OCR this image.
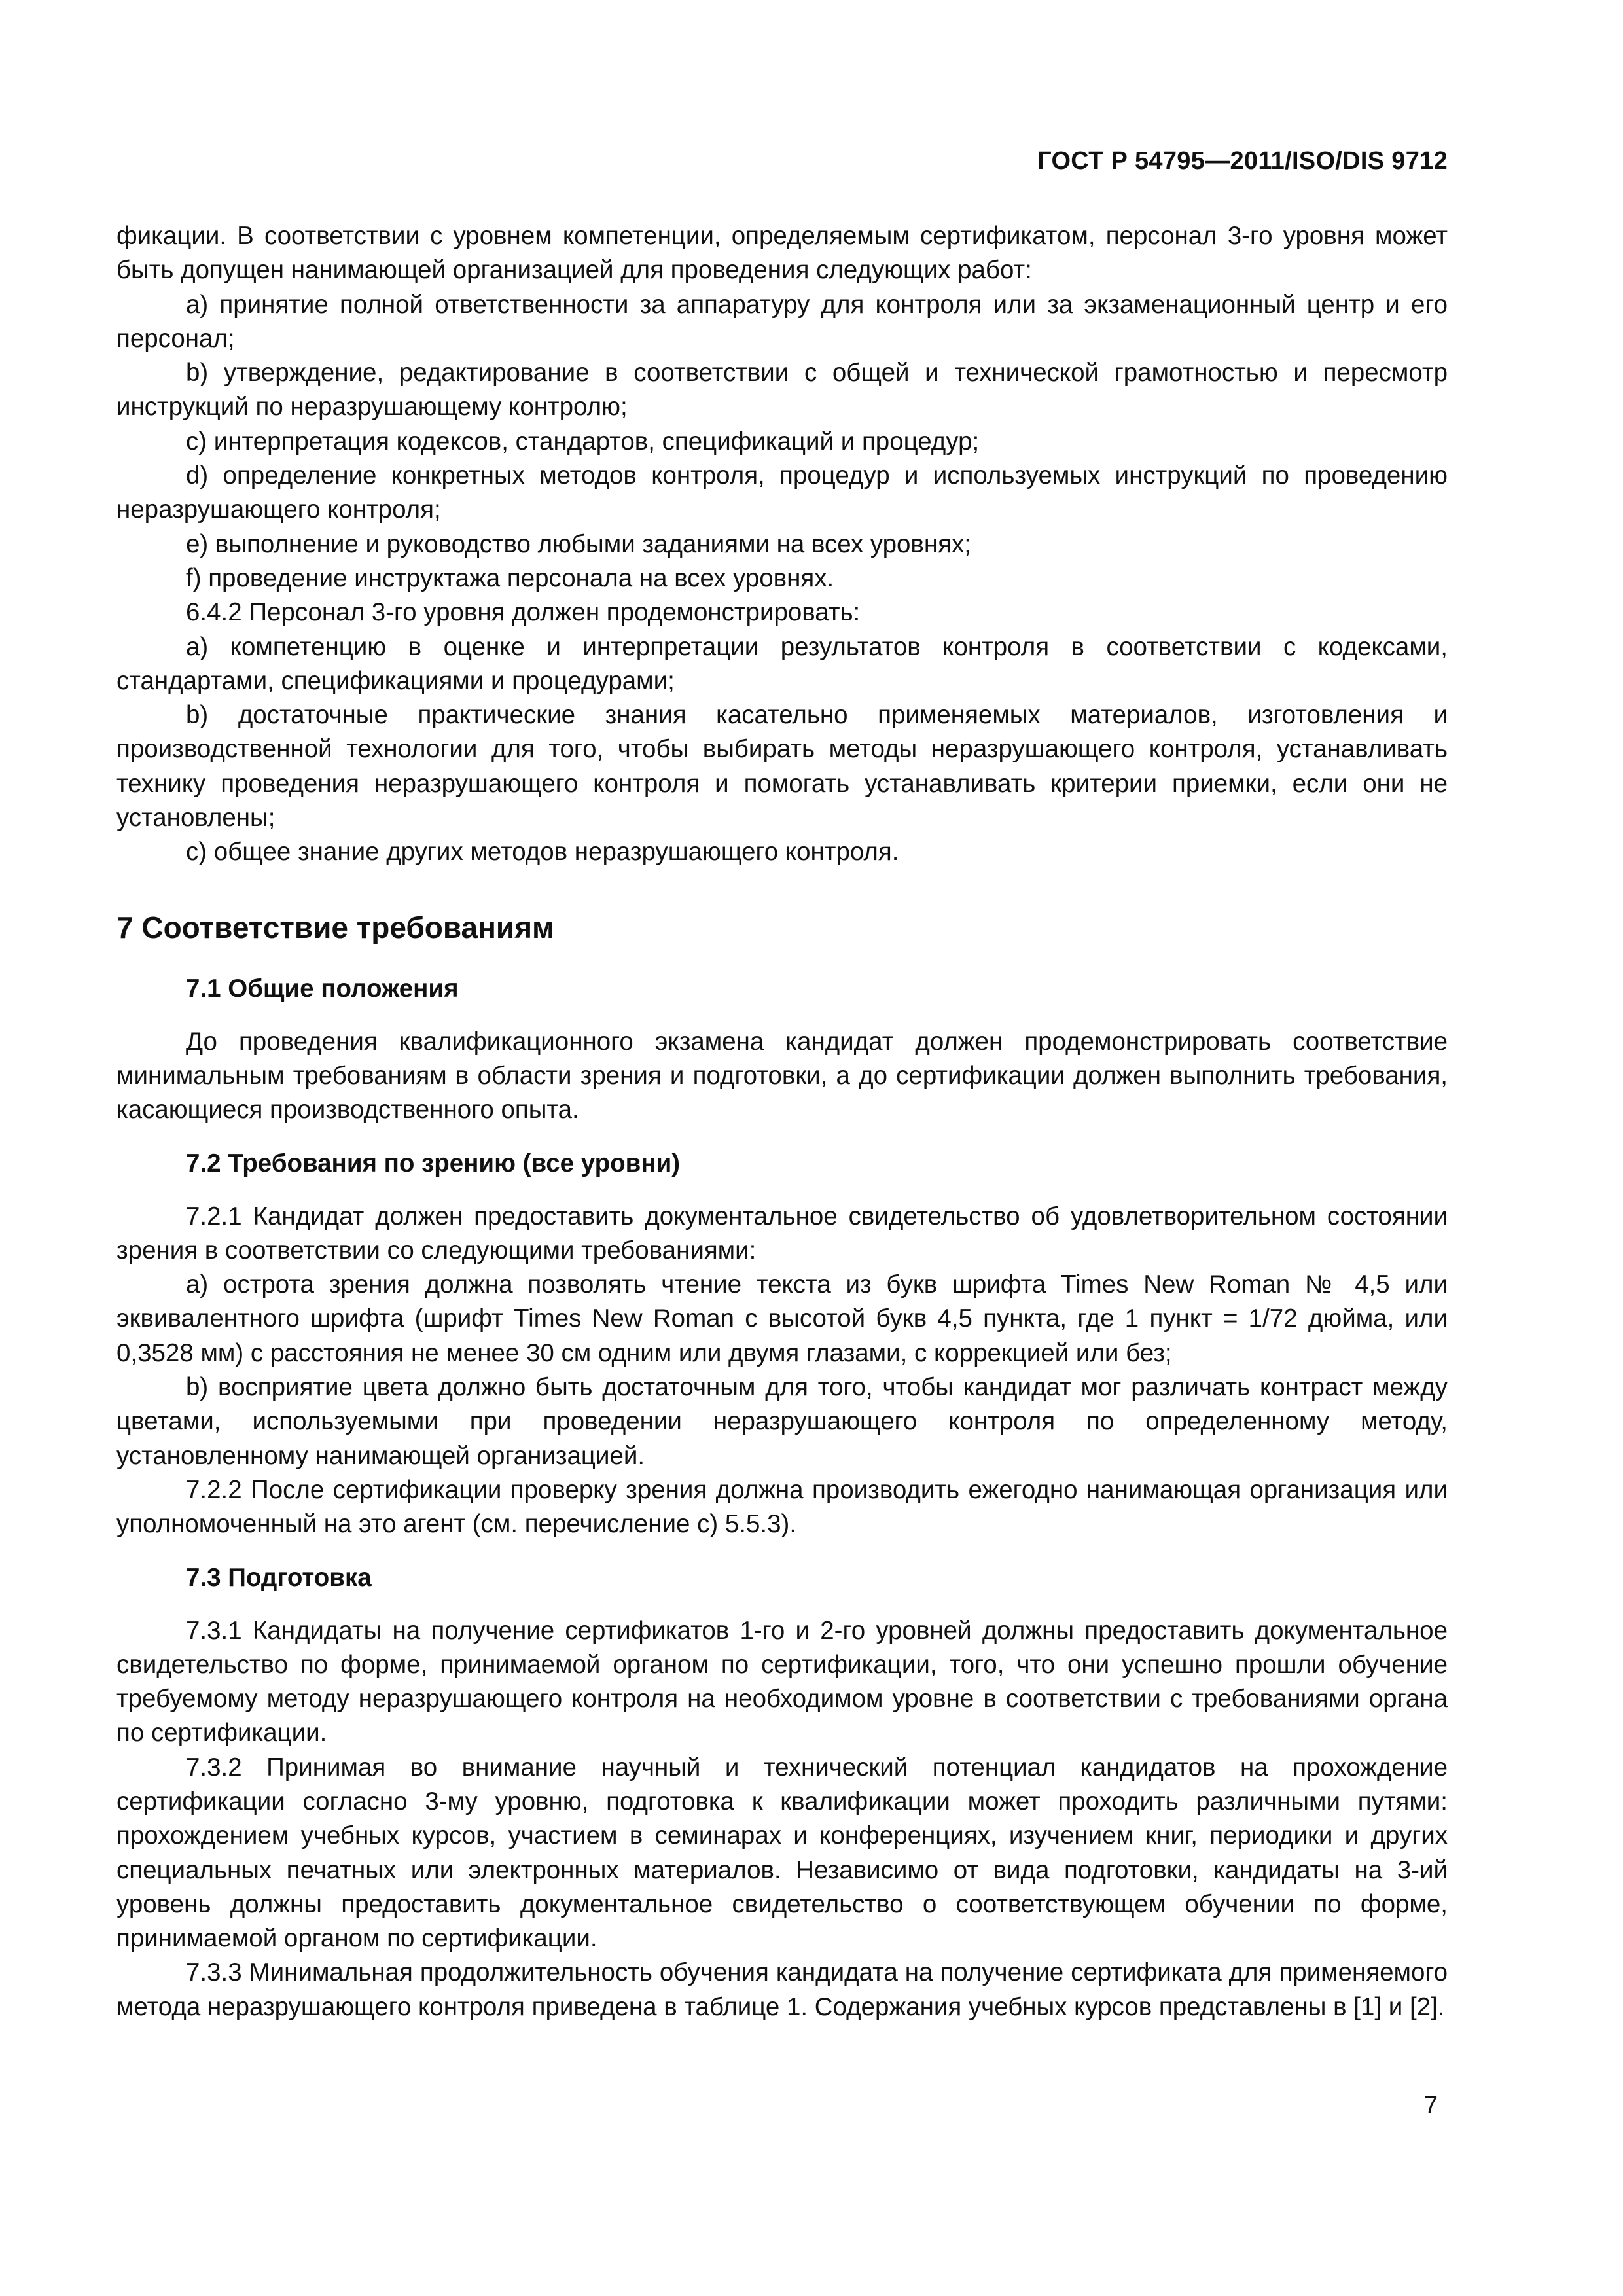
ГОСТ Р 54795—2011/ISO/DIS 9712

фикации. В соответствии с уровнем компетенции, определяемым сертификатом, персонал 3-го уровня может быть допущен нанимающей организацией для проведения следующих работ:

a) принятие полной ответственности за аппаратуру для контроля или за экзаменационный центр и его персонал;

b) утверждение, редактирование в соответствии с общей и технической грамотностью и пересмотр инструкций по неразрушающему контролю;

c) интерпретация кодексов, стандартов, спецификаций и процедур;

d) определение конкретных методов контроля, процедур и используемых инструкций по проведению неразрушающего контроля;

e) выполнение и руководство любыми заданиями на всех уровнях;

f) проведение инструктажа персонала на всех уровнях.

6.4.2 Персонал 3-го уровня должен продемонстрировать:

a) компетенцию в оценке и интерпретации результатов контроля в соответствии с кодексами, стандартами, спецификациями и процедурами;

b) достаточные практические знания касательно применяемых материалов, изготовления и производственной технологии для того, чтобы выбирать методы неразрушающего контроля, устанавливать технику проведения неразрушающего контроля и помогать устанавливать критерии приемки, если они не установлены;

c) общее знание других методов неразрушающего контроля.

7 Соответствие требованиям
7.1 Общие положения

До проведения квалификационного экзамена кандидат должен продемонстрировать соответствие минимальным требованиям в области зрения и подготовки, а до сертификации должен выполнить требования, касающиеся производственного опыта.

7.2 Требования по зрению (все уровни)

7.2.1 Кандидат должен предоставить документальное свидетельство об удовлетворительном состоянии зрения в соответствии со следующими требованиями:

a) острота зрения должна позволять чтение текста из букв шрифта Times New Roman № 4,5 или эквивалентного шрифта (шрифт Times New Roman с высотой букв 4,5 пункта, где 1 пункт = 1/72 дюйма, или 0,3528 мм) с расстояния не менее 30 см одним или двумя глазами, с коррекцией или без;

b) восприятие цвета должно быть достаточным для того, чтобы кандидат мог различать контраст между цветами, используемыми при проведении неразрушающего контроля по определенному методу, установленному нанимающей организацией.

7.2.2 После сертификации проверку зрения должна производить ежегодно нанимающая организация или уполномоченный на это агент (см. перечисление с) 5.5.3).

7.3 Подготовка

7.3.1 Кандидаты на получение сертификатов 1-го и 2-го уровней должны предоставить документальное свидетельство по форме, принимаемой органом по сертификации, того, что они успешно прошли обучение требуемому методу неразрушающего контроля на необходимом уровне в соответствии с требованиями органа по сертификации.

7.3.2 Принимая во внимание научный и технический потенциал кандидатов на прохождение сертификации согласно 3-му уровню, подготовка к квалификации может проходить различными путями: прохождением учебных курсов, участием в семинарах и конференциях, изучением книг, периодики и других специальных печатных или электронных материалов. Независимо от вида подготовки, кандидаты на 3-ий уровень должны предоставить документальное свидетельство о соответствующем обучении по форме, принимаемой органом по сертификации.

7.3.3 Минимальная продолжительность обучения кандидата на получение сертификата для применяемого метода неразрушающего контроля приведена в таблице 1. Содержания учебных курсов представлены в [1] и [2].

7
